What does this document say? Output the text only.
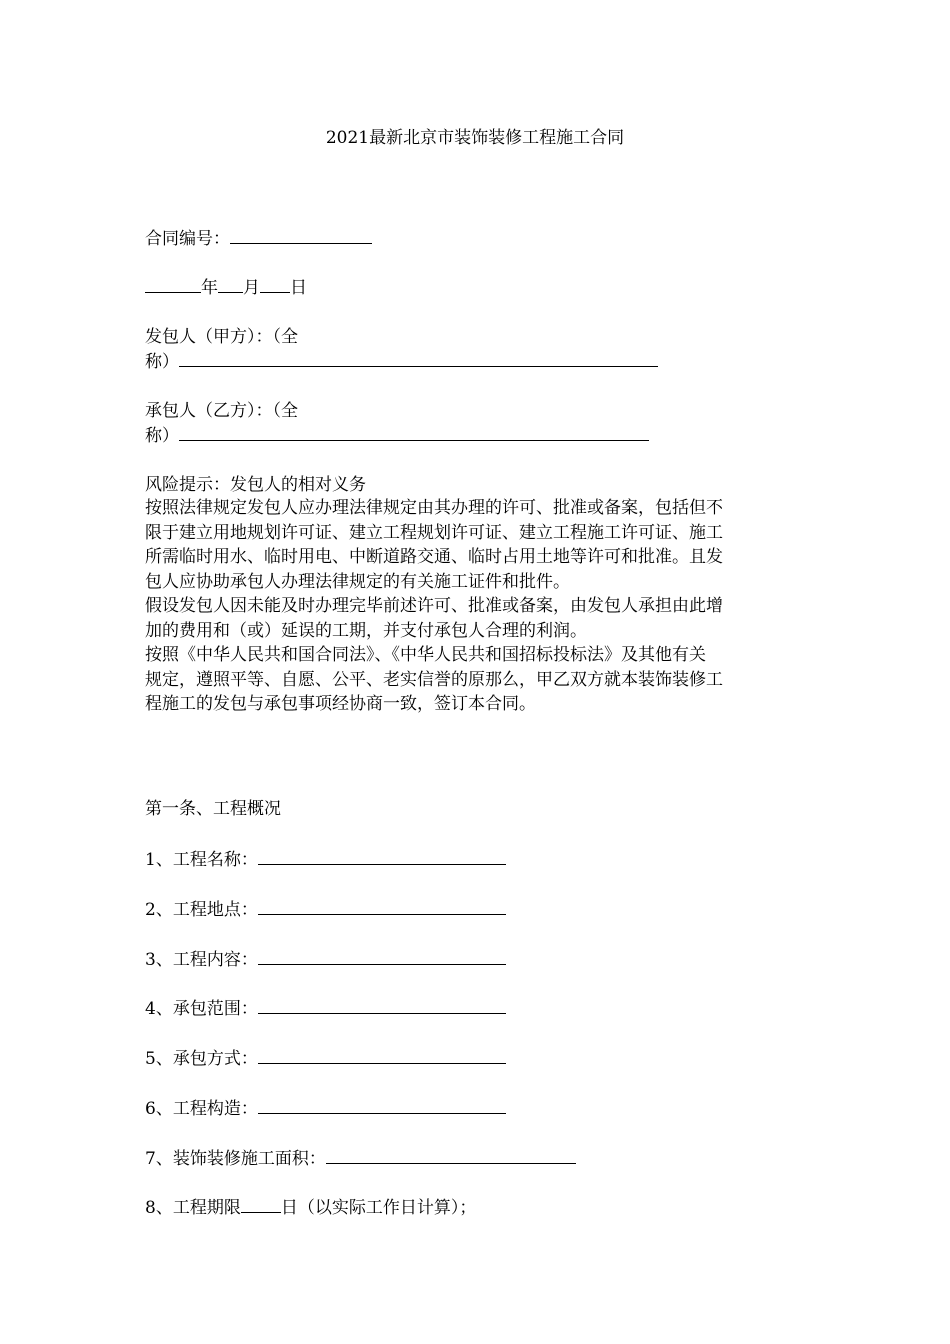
2021最新北京市装饰装修工程施工合同
合同编号：
年 月 日
发包人（甲方）：（全
称）
承包人（乙方）：（全
称）
风险提示：发包人的相对义务
按照法律规定发包人应办理法律规定由其办理的许可、批准或备案，包括但不
限于建立用地规划许可证、建立工程规划许可证、建立工程施工许可证、施工
所需临时用水、临时用电、中断道路交通、临时占用土地等许可和批准。且发
包人应协助承包人办理法律规定的有关施工证件和批件。
假设发包人因未能及时办理完毕前述许可、批准或备案，由发包人承担由此增
加的费用和（或）延误的工期，并支付承包人合理的利润。
按照《中华人民共和国合同法》、《中华人民共和国招标投标法》及其他有关
规定，遵照平等、自愿、公平、老实信誉的原那么，甲乙双方就本装饰装修工
程施工的发包与承包事项经协商一致，签订本合同。
第一条、工程概况
1、工程名称：
2、工程地点：
3、工程内容：
4、承包范围：
5、承包方式：
6、工程构造：
7、装饰装修施工面积：
8、工程期限 日（以实际工作日计算）；
